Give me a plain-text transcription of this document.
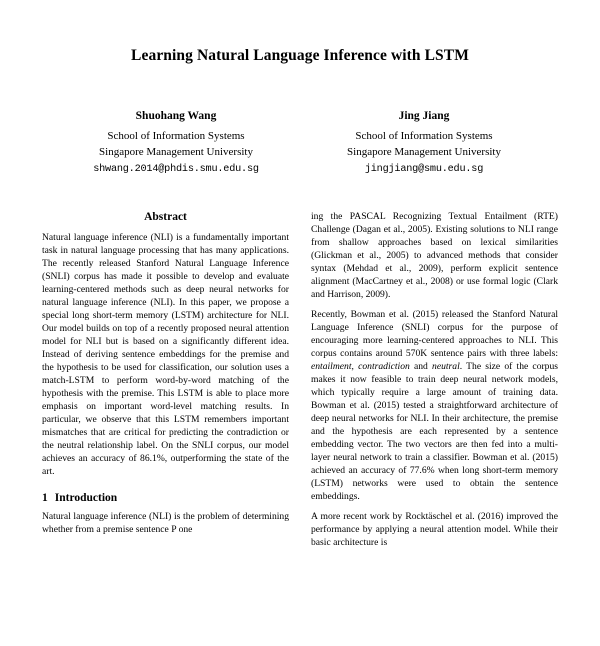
Learning Natural Language Inference with LSTM
Shuohang Wang
School of Information Systems
Singapore Management University
shwang.2014@phdis.smu.edu.sg
Jing Jiang
School of Information Systems
Singapore Management University
jingjiang@smu.edu.sg
Abstract

Natural language inference (NLI) is a fundamentally important task in natural language processing that has many applications. The recently released Stanford Natural Language Inference (SNLI) corpus has made it possible to develop and evaluate learning-centered methods such as deep neural networks for natural language inference (NLI). In this paper, we propose a special long short-term memory (LSTM) architecture for NLI. Our model builds on top of a recently proposed neural attention model for NLI but is based on a significantly different idea. Instead of deriving sentence embeddings for the premise and the hypothesis to be used for classification, our solution uses a match-LSTM to perform word-by-word matching of the hypothesis with the premise. This LSTM is able to place more emphasis on important word-level matching results. In particular, we observe that this LSTM remembers important mismatches that are critical for predicting the contradiction or the neutral relationship label. On the SNLI corpus, our model achieves an accuracy of 86.1%, outperforming the state of the art.

1 Introduction

Natural language inference (NLI) is the problem of determining whether from a premise sentence P one

ing the PASCAL Recognizing Textual Entailment (RTE) Challenge (Dagan et al., 2005). Existing solutions to NLI range from shallow approaches based on lexical similarities (Glickman et al., 2005) to advanced methods that consider syntax (Mehdad et al., 2009), perform explicit sentence alignment (MacCartney et al., 2008) or use formal logic (Clark and Harrison, 2009).

Recently, Bowman et al. (2015) released the Stanford Natural Language Inference (SNLI) corpus for the purpose of encouraging more learning-centered approaches to NLI. This corpus contains around 570K sentence pairs with three labels: entailment, contradiction and neutral. The size of the corpus makes it now feasible to train deep neural network models, which typically require a large amount of training data. Bowman et al. (2015) tested a straightforward architecture of deep neural networks for NLI. In their architecture, the premise and the hypothesis are each represented by a sentence embedding vector. The two vectors are then fed into a multi-layer neural network to train a classifier. Bowman et al. (2015) achieved an accuracy of 77.6% when long short-term memory (LSTM) networks were used to obtain the sentence embeddings.

A more recent work by Rocktäschel et al. (2016) improved the performance by applying a neural attention model. While their basic architecture is
